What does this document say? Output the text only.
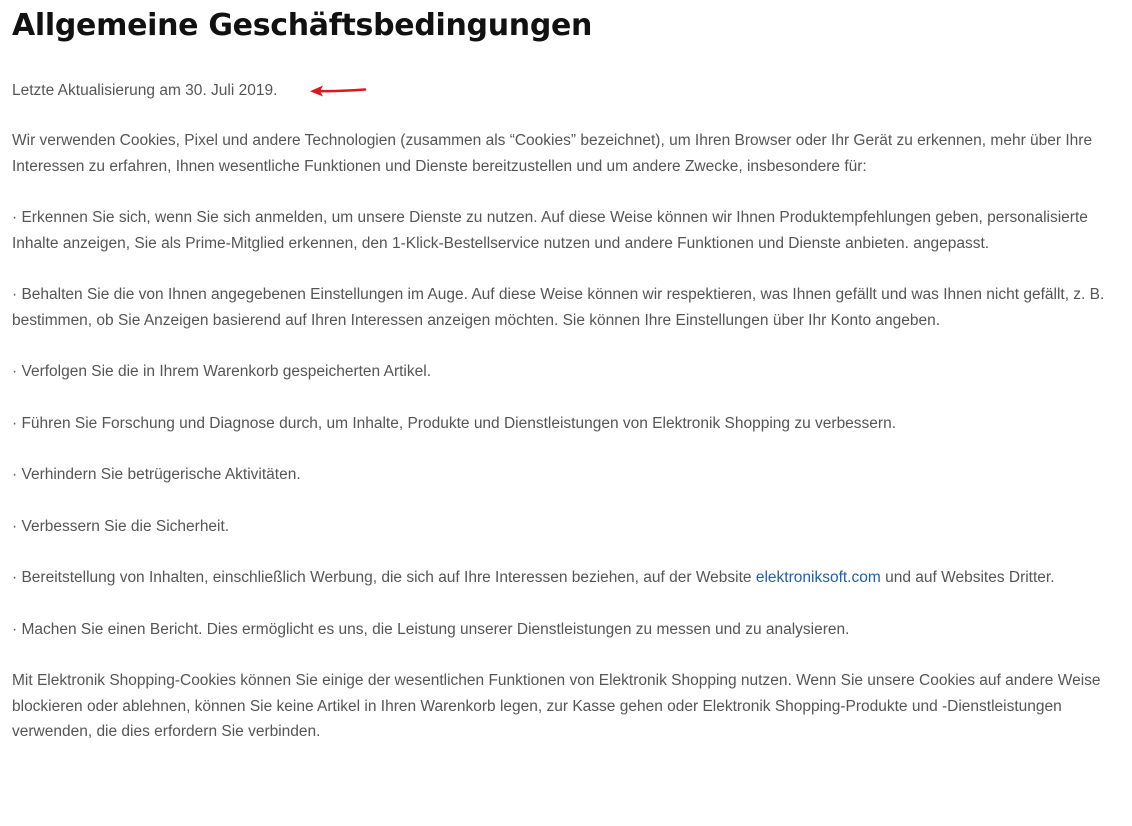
Allgemeine Geschäftsbedingungen

Letzte Aktualisierung am 30. Juli 2019.

Wir verwenden Cookies, Pixel und andere Technologien (zusammen als “Cookies” bezeichnet), um Ihren Browser oder Ihr Gerät zu erkennen, mehr über Ihre Interessen zu erfahren, Ihnen wesentliche Funktionen und Dienste bereitzustellen und um andere Zwecke, insbesondere für:

· Erkennen Sie sich, wenn Sie sich anmelden, um unsere Dienste zu nutzen. Auf diese Weise können wir Ihnen Produktempfehlungen geben, personalisierte Inhalte anzeigen, Sie als Prime-Mitglied erkennen, den 1-Klick-Bestellservice nutzen und andere Funktionen und Dienste anbieten. angepasst.

· Behalten Sie die von Ihnen angegebenen Einstellungen im Auge. Auf diese Weise können wir respektieren, was Ihnen gefällt und was Ihnen nicht gefällt, z. B. bestimmen, ob Sie Anzeigen basierend auf Ihren Interessen anzeigen möchten. Sie können Ihre Einstellungen über Ihr Konto angeben.

· Verfolgen Sie die in Ihrem Warenkorb gespeicherten Artikel.

· Führen Sie Forschung und Diagnose durch, um Inhalte, Produkte und Dienstleistungen von Elektronik Shopping zu verbessern.

· Verhindern Sie betrügerische Aktivitäten.

· Verbessern Sie die Sicherheit.

· Bereitstellung von Inhalten, einschließlich Werbung, die sich auf Ihre Interessen beziehen, auf der Website elektroniksoft.com und auf Websites Dritter.

· Machen Sie einen Bericht. Dies ermöglicht es uns, die Leistung unserer Dienstleistungen zu messen und zu analysieren.

Mit Elektronik Shopping-Cookies können Sie einige der wesentlichen Funktionen von Elektronik Shopping nutzen. Wenn Sie unsere Cookies auf andere Weise blockieren oder ablehnen, können Sie keine Artikel in Ihren Warenkorb legen, zur Kasse gehen oder Elektronik Shopping-Produkte und -Dienstleistungen verwenden, die dies erfordern Sie verbinden.
